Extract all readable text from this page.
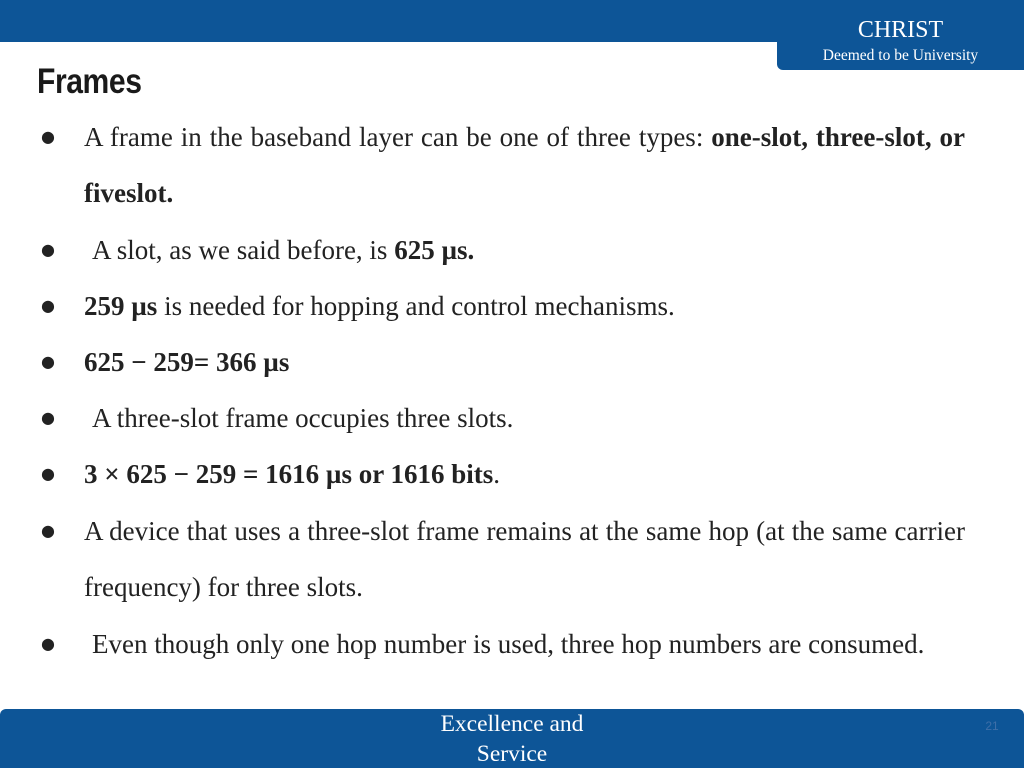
CHRIST
Deemed to be University
Frames

● A frame in the baseband layer can be one of three types: one-slot, three-slot, or fiveslot.

● A slot, as we said before, is 625 µs.

● 259 µs is needed for hopping and control mechanisms.

● 625 − 259= 366 µs

● A three-slot frame occupies three slots.

● 3 × 625 − 259 = 1616 µs or 1616 bits.

● A device that uses a three-slot frame remains at the same hop (at the same carrier frequency) for three slots.

● Even though only one hop number is used, three hop numbers are consumed.

Excellence and Service
21
